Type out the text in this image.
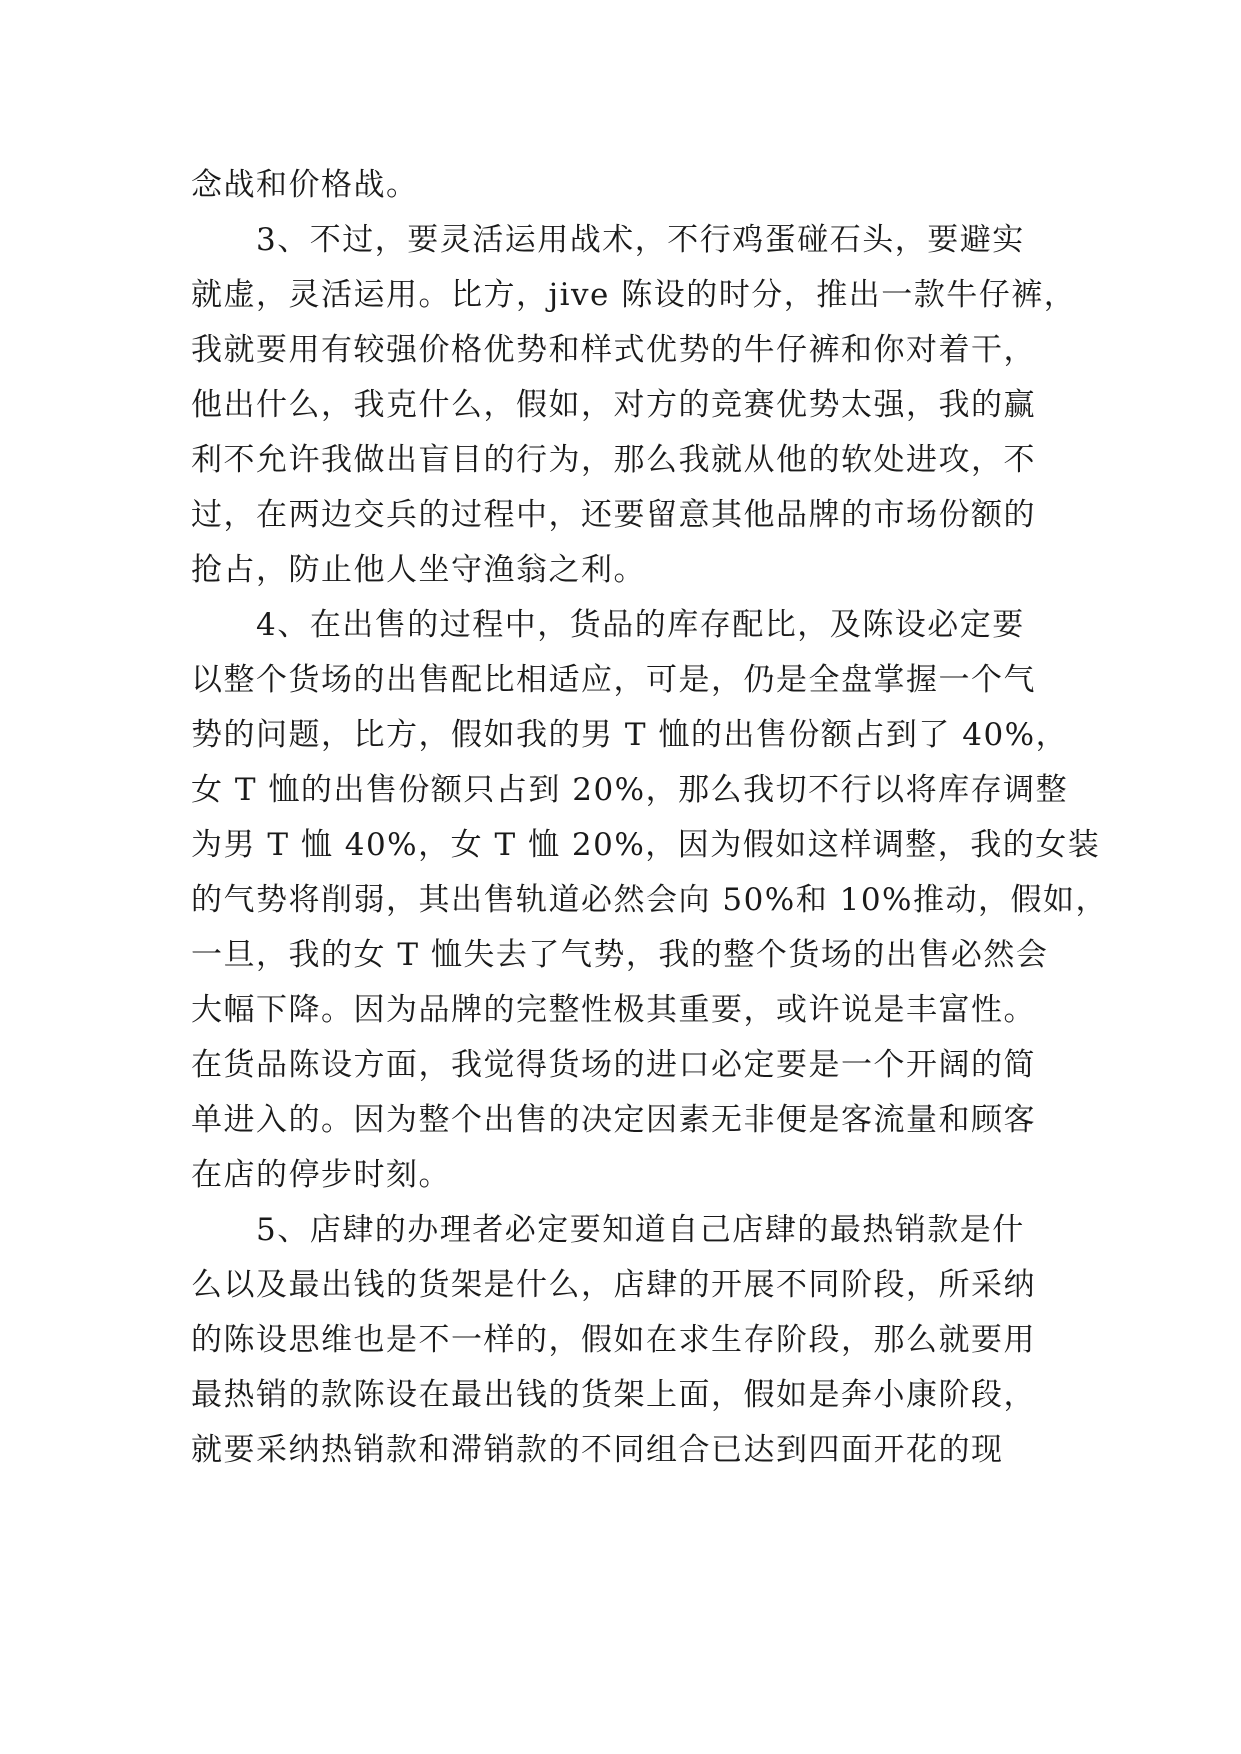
念战和价格战。
　　3、不过，要灵活运用战术，不行鸡蛋碰石头，要避实
就虚，灵活运用。比方，jive 陈设的时分，推出一款牛仔裤，
我就要用有较强价格优势和样式优势的牛仔裤和你对着干，
他出什么，我克什么，假如，对方的竞赛优势太强，我的赢
利不允许我做出盲目的行为，那么我就从他的软处进攻，不
过，在两边交兵的过程中，还要留意其他品牌的市场份额的
抢占，防止他人坐守渔翁之利。
　　4、在出售的过程中，货品的库存配比，及陈设必定要
以整个货场的出售配比相适应，可是，仍是全盘掌握一个气
势的问题，比方，假如我的男 T 恤的出售份额占到了 40%，
女 T 恤的出售份额只占到 20%，那么我切不行以将库存调整
为男 T 恤 40%，女 T 恤 20%，因为假如这样调整，我的女装
的气势将削弱，其出售轨道必然会向 50%和 10%推动，假如，
一旦，我的女 T 恤失去了气势，我的整个货场的出售必然会
大幅下降。因为品牌的完整性极其重要，或许说是丰富性。
在货品陈设方面，我觉得货场的进口必定要是一个开阔的简
单进入的。因为整个出售的决定因素无非便是客流量和顾客
在店的停步时刻。
　　5、店肆的办理者必定要知道自己店肆的最热销款是什
么以及最出钱的货架是什么，店肆的开展不同阶段，所采纳
的陈设思维也是不一样的，假如在求生存阶段，那么就要用
最热销的款陈设在最出钱的货架上面，假如是奔小康阶段，
就要采纳热销款和滞销款的不同组合已达到四面开花的现
